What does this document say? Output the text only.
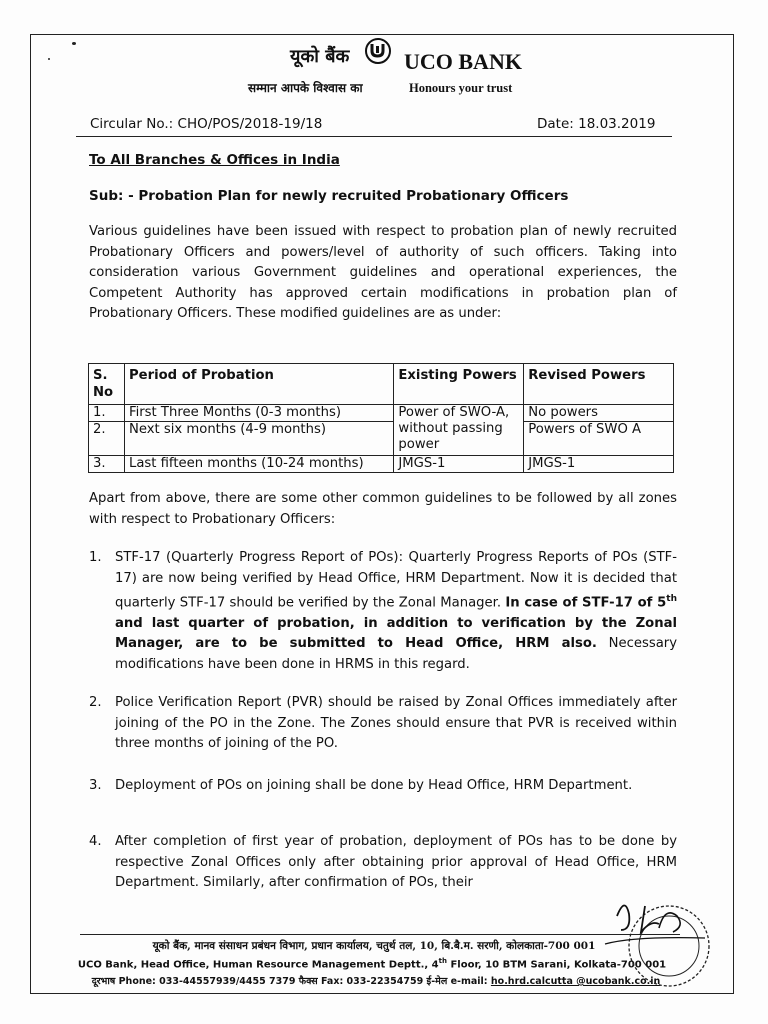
यूको बैंक UCO BANK
सम्मान आपके विश्वास का	Honours your trust
Circular No.: CHO/POS/2018-19/18	Date: 18.03.2019
To All Branches & Offices in India
Sub: - Probation Plan for newly recruited Probationary Officers
Various guidelines have been issued with respect to probation plan of newly recruited Probationary Officers and powers/level of authority of such officers. Taking into consideration various Government guidelines and operational experiences, the Competent Authority has approved certain modifications in probation plan of Probationary Officers. These modified guidelines are as under:
S. No	Period of Probation	Existing Powers	Revised Powers
1.	First Three Months (0-3 months)	Power of SWO-A, without passing power	No powers
2.	Next six months (4-9 months)		Powers of SWO A
3.	Last fifteen months (10-24 months)	JMGS-1	JMGS-1
Apart from above, there are some other common guidelines to be followed by all zones with respect to Probationary Officers:
1. STF-17 (Quarterly Progress Report of POs): Quarterly Progress Reports of POs (STF-17) are now being verified by Head Office, HRM Department. Now it is decided that quarterly STF-17 should be verified by the Zonal Manager. In case of STF-17 of 5th and last quarter of probation, in addition to verification by the Zonal Manager, are to be submitted to Head Office, HRM also. Necessary modifications have been done in HRMS in this regard.
2. Police Verification Report (PVR) should be raised by Zonal Offices immediately after joining of the PO in the Zone. The Zones should ensure that PVR is received within three months of joining of the PO.
3. Deployment of POs on joining shall be done by Head Office, HRM Department.
4. After completion of first year of probation, deployment of POs has to be done by respective Zonal Offices only after obtaining prior approval of Head Office, HRM Department. Similarly, after confirmation of POs, their
यूको बैंक, मानव संसाधन प्रबंधन विभाग, प्रधान कार्यालय, चतुर्थ तल, 10, बि.बै.म. सरणी, कोलकाता-700 001
UCO Bank, Head Office, Human Resource Management Deptt., 4th Floor, 10 BTM Sarani, Kolkata-700 001
दूरभाष Phone: 033-44557939/4455 7379 फैक्स Fax: 033-22354759 ई-मेल e-mail: ho.hrd.calcutta @ucobank.co.in
